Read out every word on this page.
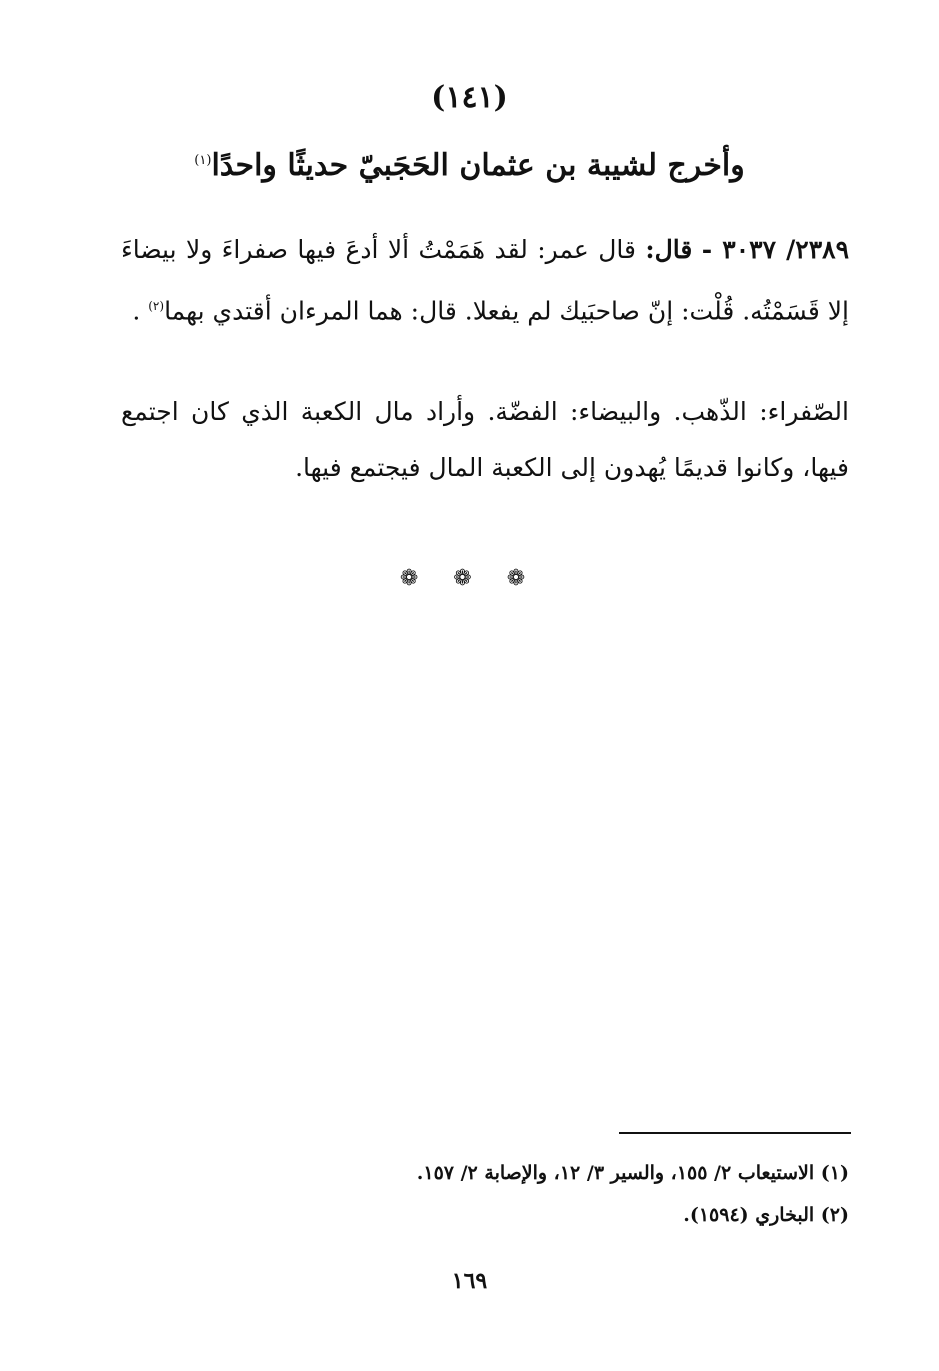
(١٤١)
وأخرج لشيبة بن عثمان الحَجَبيّ حديثًا واحدًا$^{(١)}$
٢٣٨٩/ ٣٠٣٧ - قال: قال عمر: لقد هَمَمْتُ ألا أدعَ فيها صفراءَ ولا بيضاءَ إلا قَسَمْتُه. قُلْت: إنّ صاحبَيك لم يفعلا. قال: هما المرءان أقتدي بهما$^{(٢)}$ .
الصّفراء: الذّهب. والبيضاء: الفضّة. وأراد مال الكعبة الذي كان اجتمع فيها، وكانوا قديمًا يُهدون إلى الكعبة المال فيجتمع فيها.
❁ ❁ ❁
(١) الاستيعاب ٢/ ١٥٥، والسير ٣/ ١٢، والإصابة ٢/ ١٥٧.
(٢) البخاري (١٥٩٤).
١٦٩
